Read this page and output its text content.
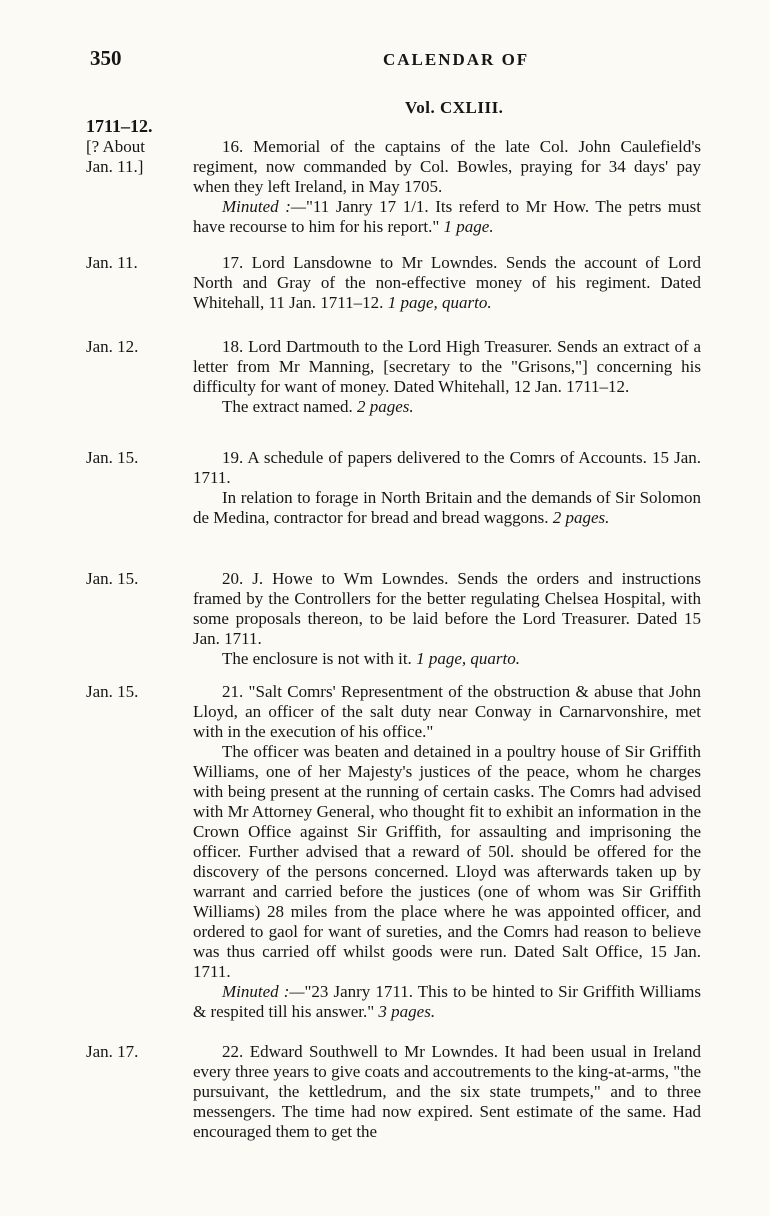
350	CALENDAR OF
Vol. CXLIII.
1711–12.
[? About Jan. 11.]

16. Memorial of the captains of the late Col. John Caulefield's regiment, now commanded by Col. Bowles, praying for 34 days' pay when they left Ireland, in May 1705.

Minuted :—"11 Janry 17 1/1. Its referd to Mr How. The petrs must have recourse to him for his report." 1 page.

Jan. 11.	17. Lord Lansdowne to Mr Lowndes. Sends the account of Lord North and Gray of the non-effective money of his regiment. Dated Whitehall, 11 Jan. 1711–12. 1 page, quarto.

Jan. 12.	18. Lord Dartmouth to the Lord High Treasurer. Sends an extract of a letter from Mr Manning, [secretary to the "Grisons,"] concerning his difficulty for want of money. Dated Whitehall, 12 Jan. 1711–12.

The extract named. 2 pages.

Jan. 15.	19. A schedule of papers delivered to the Comrs of Accounts. 15 Jan. 1711.

In relation to forage in North Britain and the demands of Sir Solomon de Medina, contractor for bread and bread waggons. 2 pages.

Jan. 15.	20. J. Howe to Wm Lowndes. Sends the orders and instructions framed by the Controllers for the better regulating Chelsea Hospital, with some proposals thereon, to be laid before the Lord Treasurer. Dated 15 Jan. 1711.

The enclosure is not with it. 1 page, quarto.

Jan. 15.	21. "Salt Comrs' Representment of the obstruction & abuse that John Lloyd, an officer of the salt duty near Conway in Carnarvonshire, met with in the execution of his office."

The officer was beaten and detained in a poultry house of Sir Griffith Williams, one of her Majesty's justices of the peace, whom he charges with being present at the running of certain casks. The Comrs had advised with Mr Attorney General, who thought fit to exhibit an information in the Crown Office against Sir Griffith, for assaulting and imprisoning the officer. Further advised that a reward of 50l. should be offered for the discovery of the persons concerned. Lloyd was afterwards taken up by warrant and carried before the justices (one of whom was Sir Griffith Williams) 28 miles from the place where he was appointed officer, and ordered to gaol for want of sureties, and the Comrs had reason to believe was thus carried off whilst goods were run. Dated Salt Office, 15 Jan. 1711.

Minuted :—"23 Janry 1711. This to be hinted to Sir Griffith Williams & respited till his answer." 3 pages.

Jan. 17.	22. Edward Southwell to Mr Lowndes. It had been usual in Ireland every three years to give coats and accoutrements to the king-at-arms, "the pursuivant, the kettledrum, and the six state trumpets," and to three messengers. The time had now expired. Sent estimate of the same. Had encouraged them to get the
